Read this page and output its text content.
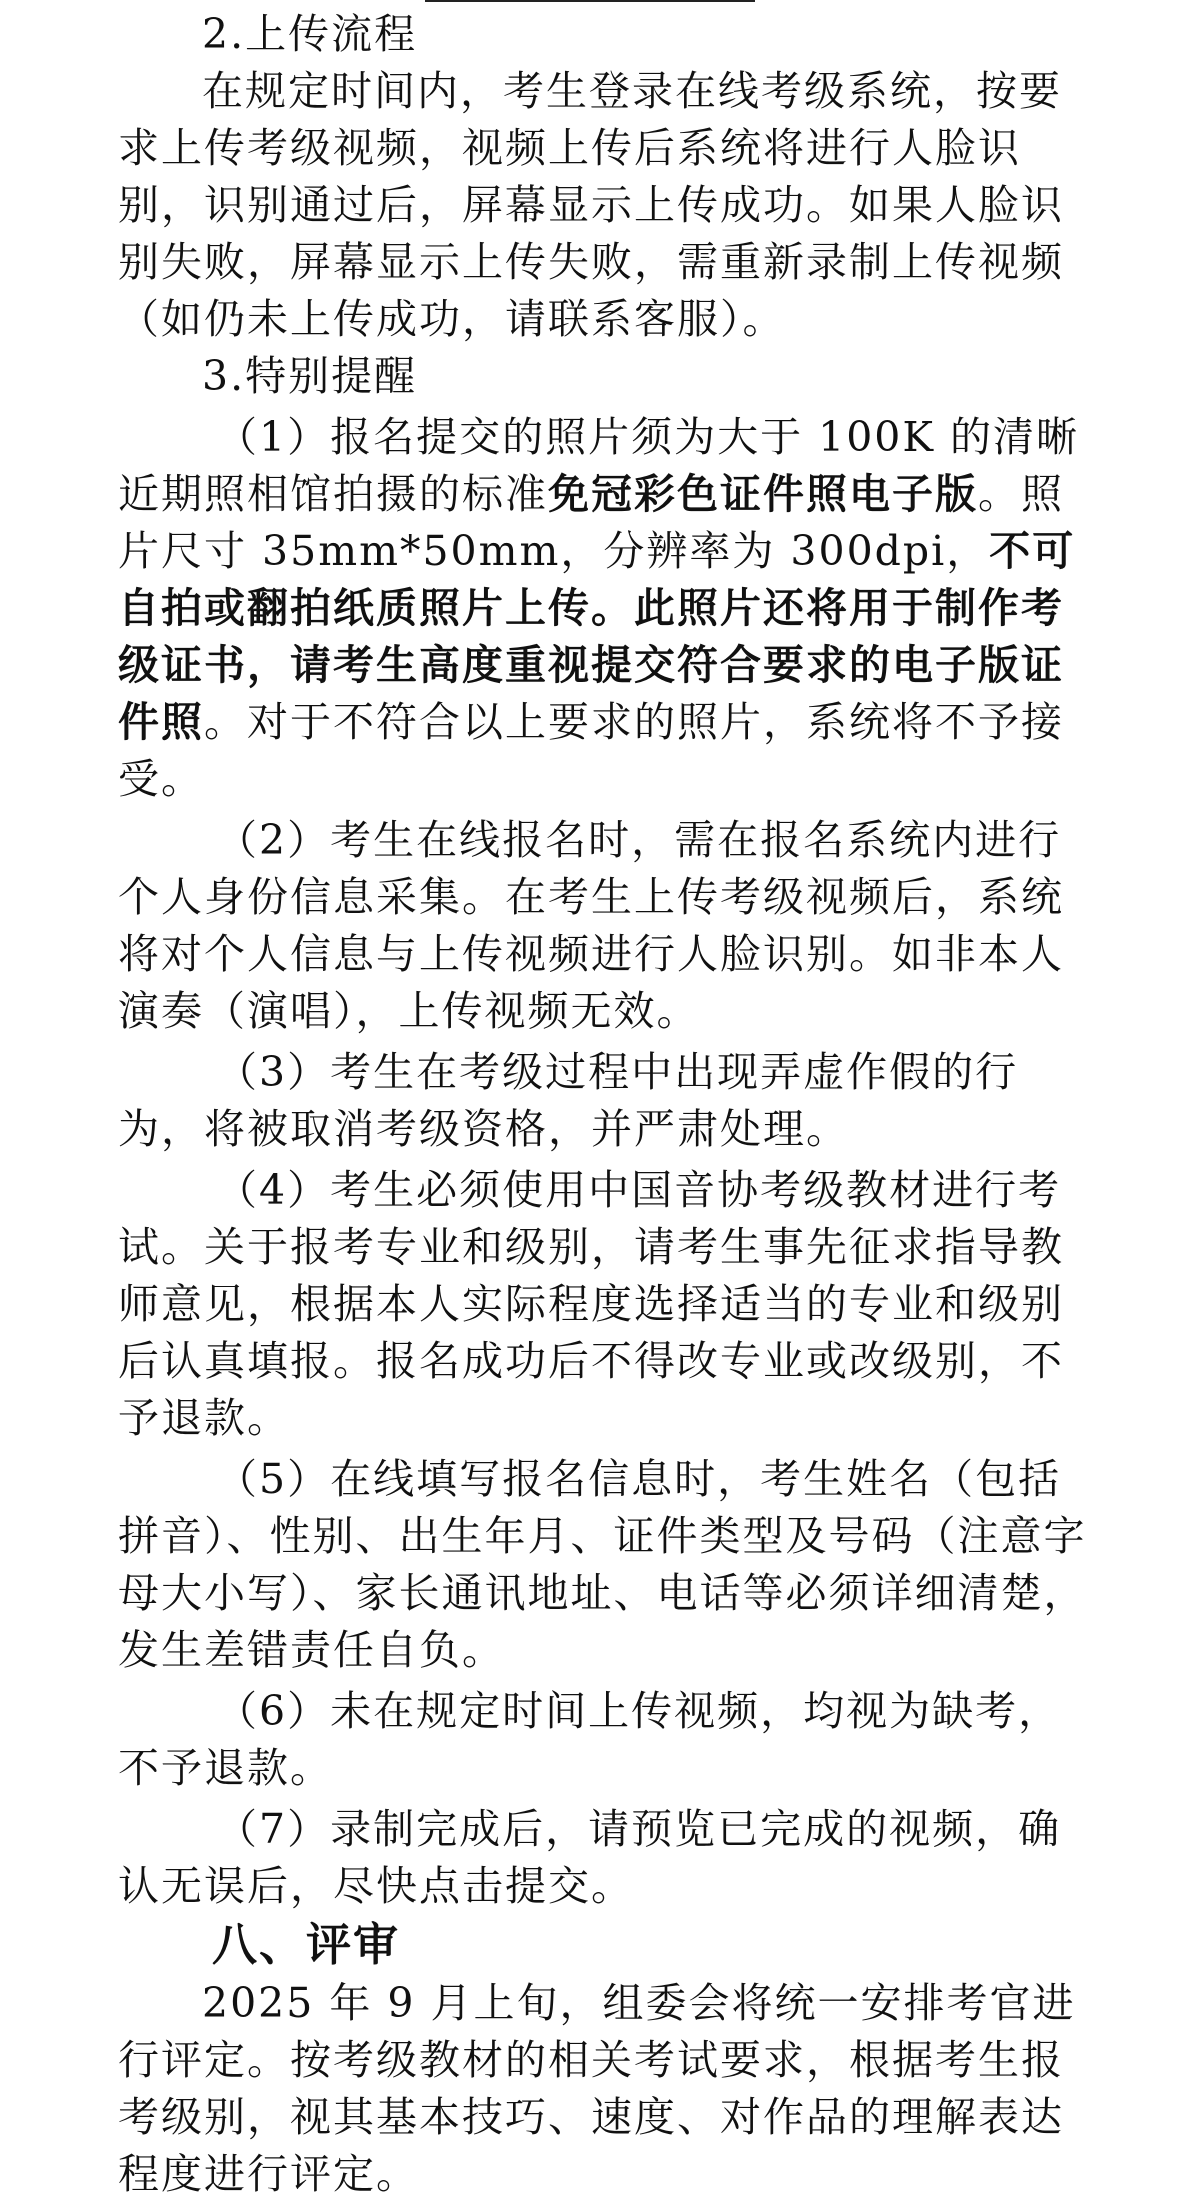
2.上传流程

在规定时间内，考生登录在线考级系统，按要求上传考级视频，视频上传后系统将进行人脸识别，识别通过后，屏幕显示上传成功。如果人脸识别失败，屏幕显示上传失败，需重新录制上传视频（如仍未上传成功，请联系客服）。

3.特别提醒

（1）报名提交的照片须为大于 100K 的清晰近期照相馆拍摄的标准免冠彩色证件照电子版。照片尺寸 35mm*50mm，分辨率为 300dpi，不可自拍或翻拍纸质照片上传。此照片还将用于制作考级证书，请考生高度重视提交符合要求的电子版证件照。对于不符合以上要求的照片，系统将不予接受。

（2）考生在线报名时，需在报名系统内进行个人身份信息采集。在考生上传考级视频后，系统将对个人信息与上传视频进行人脸识别。如非本人演奏（演唱），上传视频无效。

（3）考生在考级过程中出现弄虚作假的行为，将被取消考级资格，并严肃处理。

（4）考生必须使用中国音协考级教材进行考试。关于报考专业和级别，请考生事先征求指导教师意见，根据本人实际程度选择适当的专业和级别后认真填报。报名成功后不得改专业或改级别，不予退款。

（5）在线填写报名信息时，考生姓名（包括拼音）、性别、出生年月、证件类型及号码（注意字母大小写）、家长通讯地址、电话等必须详细清楚，发生差错责任自负。

（6）未在规定时间上传视频，均视为缺考，不予退款。

（7）录制完成后，请预览已完成的视频，确认无误后，尽快点击提交。

八、评审

2025 年 9 月上旬，组委会将统一安排考官进行评定。按考级教材的相关考试要求，根据考生报考级别，视其基本技巧、速度、对作品的理解表达程度进行评定。
